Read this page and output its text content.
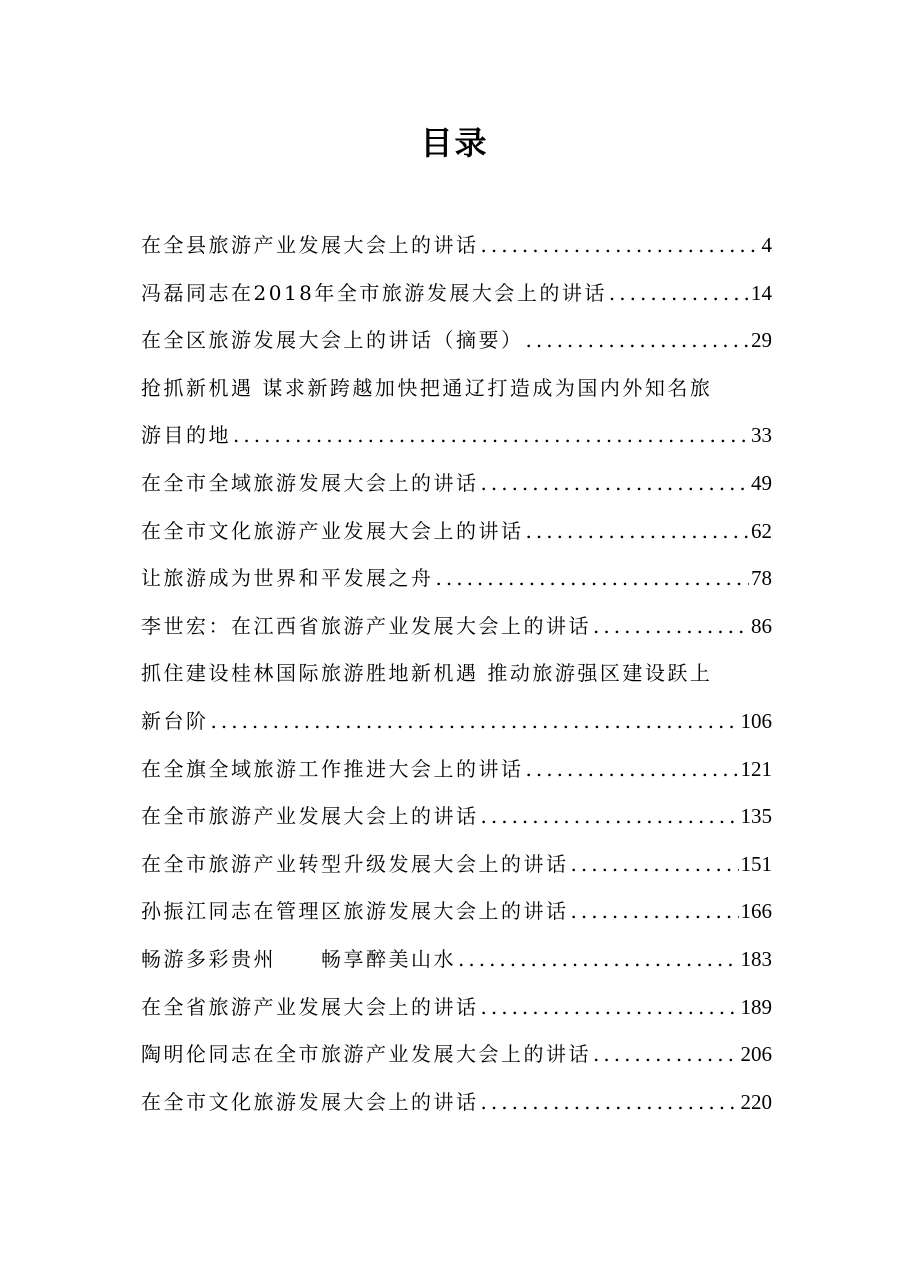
目录
在全县旅游产业发展大会上的讲话 .....	4
冯磊同志在2018年全市旅游发展大会上的讲话 .....	14
在全区旅游发展大会上的讲话（摘要） .....	29
抢抓新机遇 谋求新跨越加快把通辽打造成为国内外知名旅
游目的地 .....	33
在全市全域旅游发展大会上的讲话 .....	49
在全市文化旅游产业发展大会上的讲话 .....	62
让旅游成为世界和平发展之舟 .....	78
李世宏：在江西省旅游产业发展大会上的讲话 .....	86
抓住建设桂林国际旅游胜地新机遇 推动旅游强区建设跃上
新台阶 .....	106
在全旗全域旅游工作推进大会上的讲话 .....	121
在全市旅游产业发展大会上的讲话 .....	135
在全市旅游产业转型升级发展大会上的讲话 .....	151
孙振江同志在管理区旅游发展大会上的讲话 .....	166
畅游多彩贵州　　畅享醉美山水 .....	183
在全省旅游产业发展大会上的讲话 .....	189
陶明伦同志在全市旅游产业发展大会上的讲话 .....	206
在全市文化旅游发展大会上的讲话 .....	220
